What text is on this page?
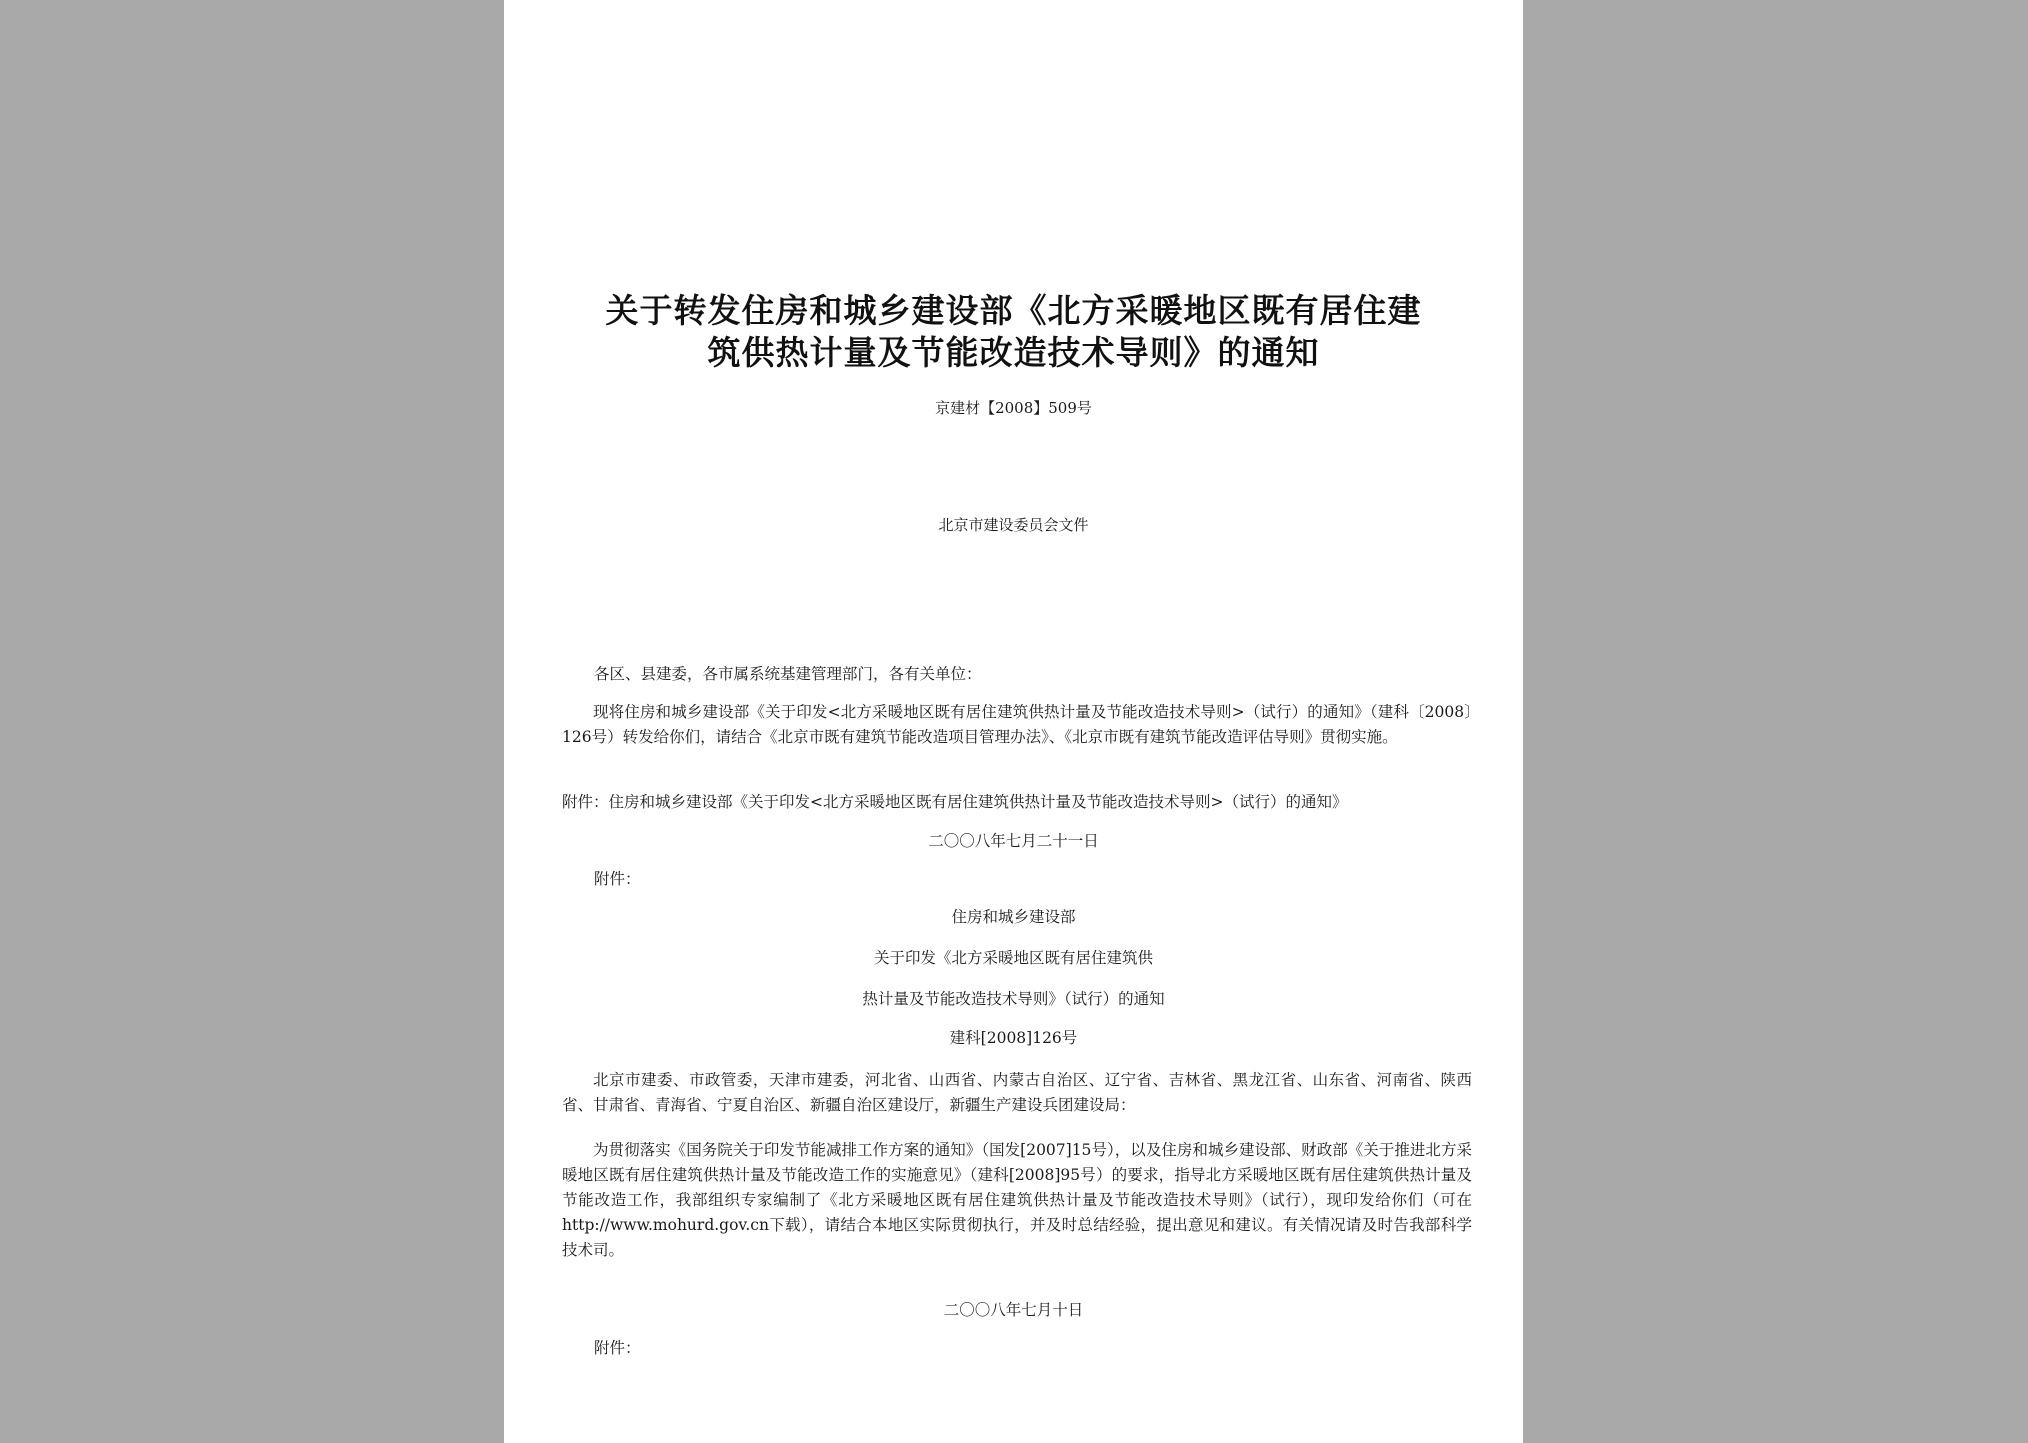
关于转发住房和城乡建设部《北方采暖地区既有居住建
筑供热计量及节能改造技术导则》的通知
京建材【2008】509号
北京市建设委员会文件
各区、县建委，各市属系统基建管理部门，各有关单位：
现将住房和城乡建设部《关于印发<北方采暖地区既有居住建筑供热计量及节能改造技术导则>（试行）的通知》（建科〔2008〕126号）转发给你们，请结合《北京市既有建筑节能改造项目管理办法》、《北京市既有建筑节能改造评估导则》贯彻实施。
附件：住房和城乡建设部《关于印发<北方采暖地区既有居住建筑供热计量及节能改造技术导则>（试行）的通知》
二〇〇八年七月二十一日
附件：
住房和城乡建设部
关于印发《北方采暖地区既有居住建筑供
热计量及节能改造技术导则》（试行）的通知
建科[2008]126号
北京市建委、市政管委，天津市建委，河北省、山西省、内蒙古自治区、辽宁省、吉林省、黑龙江省、山东省、河南省、陕西省、甘肃省、青海省、宁夏自治区、新疆自治区建设厅，新疆生产建设兵团建设局：
为贯彻落实《国务院关于印发节能减排工作方案的通知》（国发[2007]15号），以及住房和城乡建设部、财政部《关于推进北方采暖地区既有居住建筑供热计量及节能改造工作的实施意见》（建科[2008]95号）的要求，指导北方采暖地区既有居住建筑供热计量及节能改造工作，我部组织专家编制了《北方采暖地区既有居住建筑供热计量及节能改造技术导则》（试行），现印发给你们（可在http://www.mohurd.gov.cn下载），请结合本地区实际贯彻执行，并及时总结经验，提出意见和建议。有关情况请及时告我部科学技术司。
二〇〇八年七月十日
附件：
